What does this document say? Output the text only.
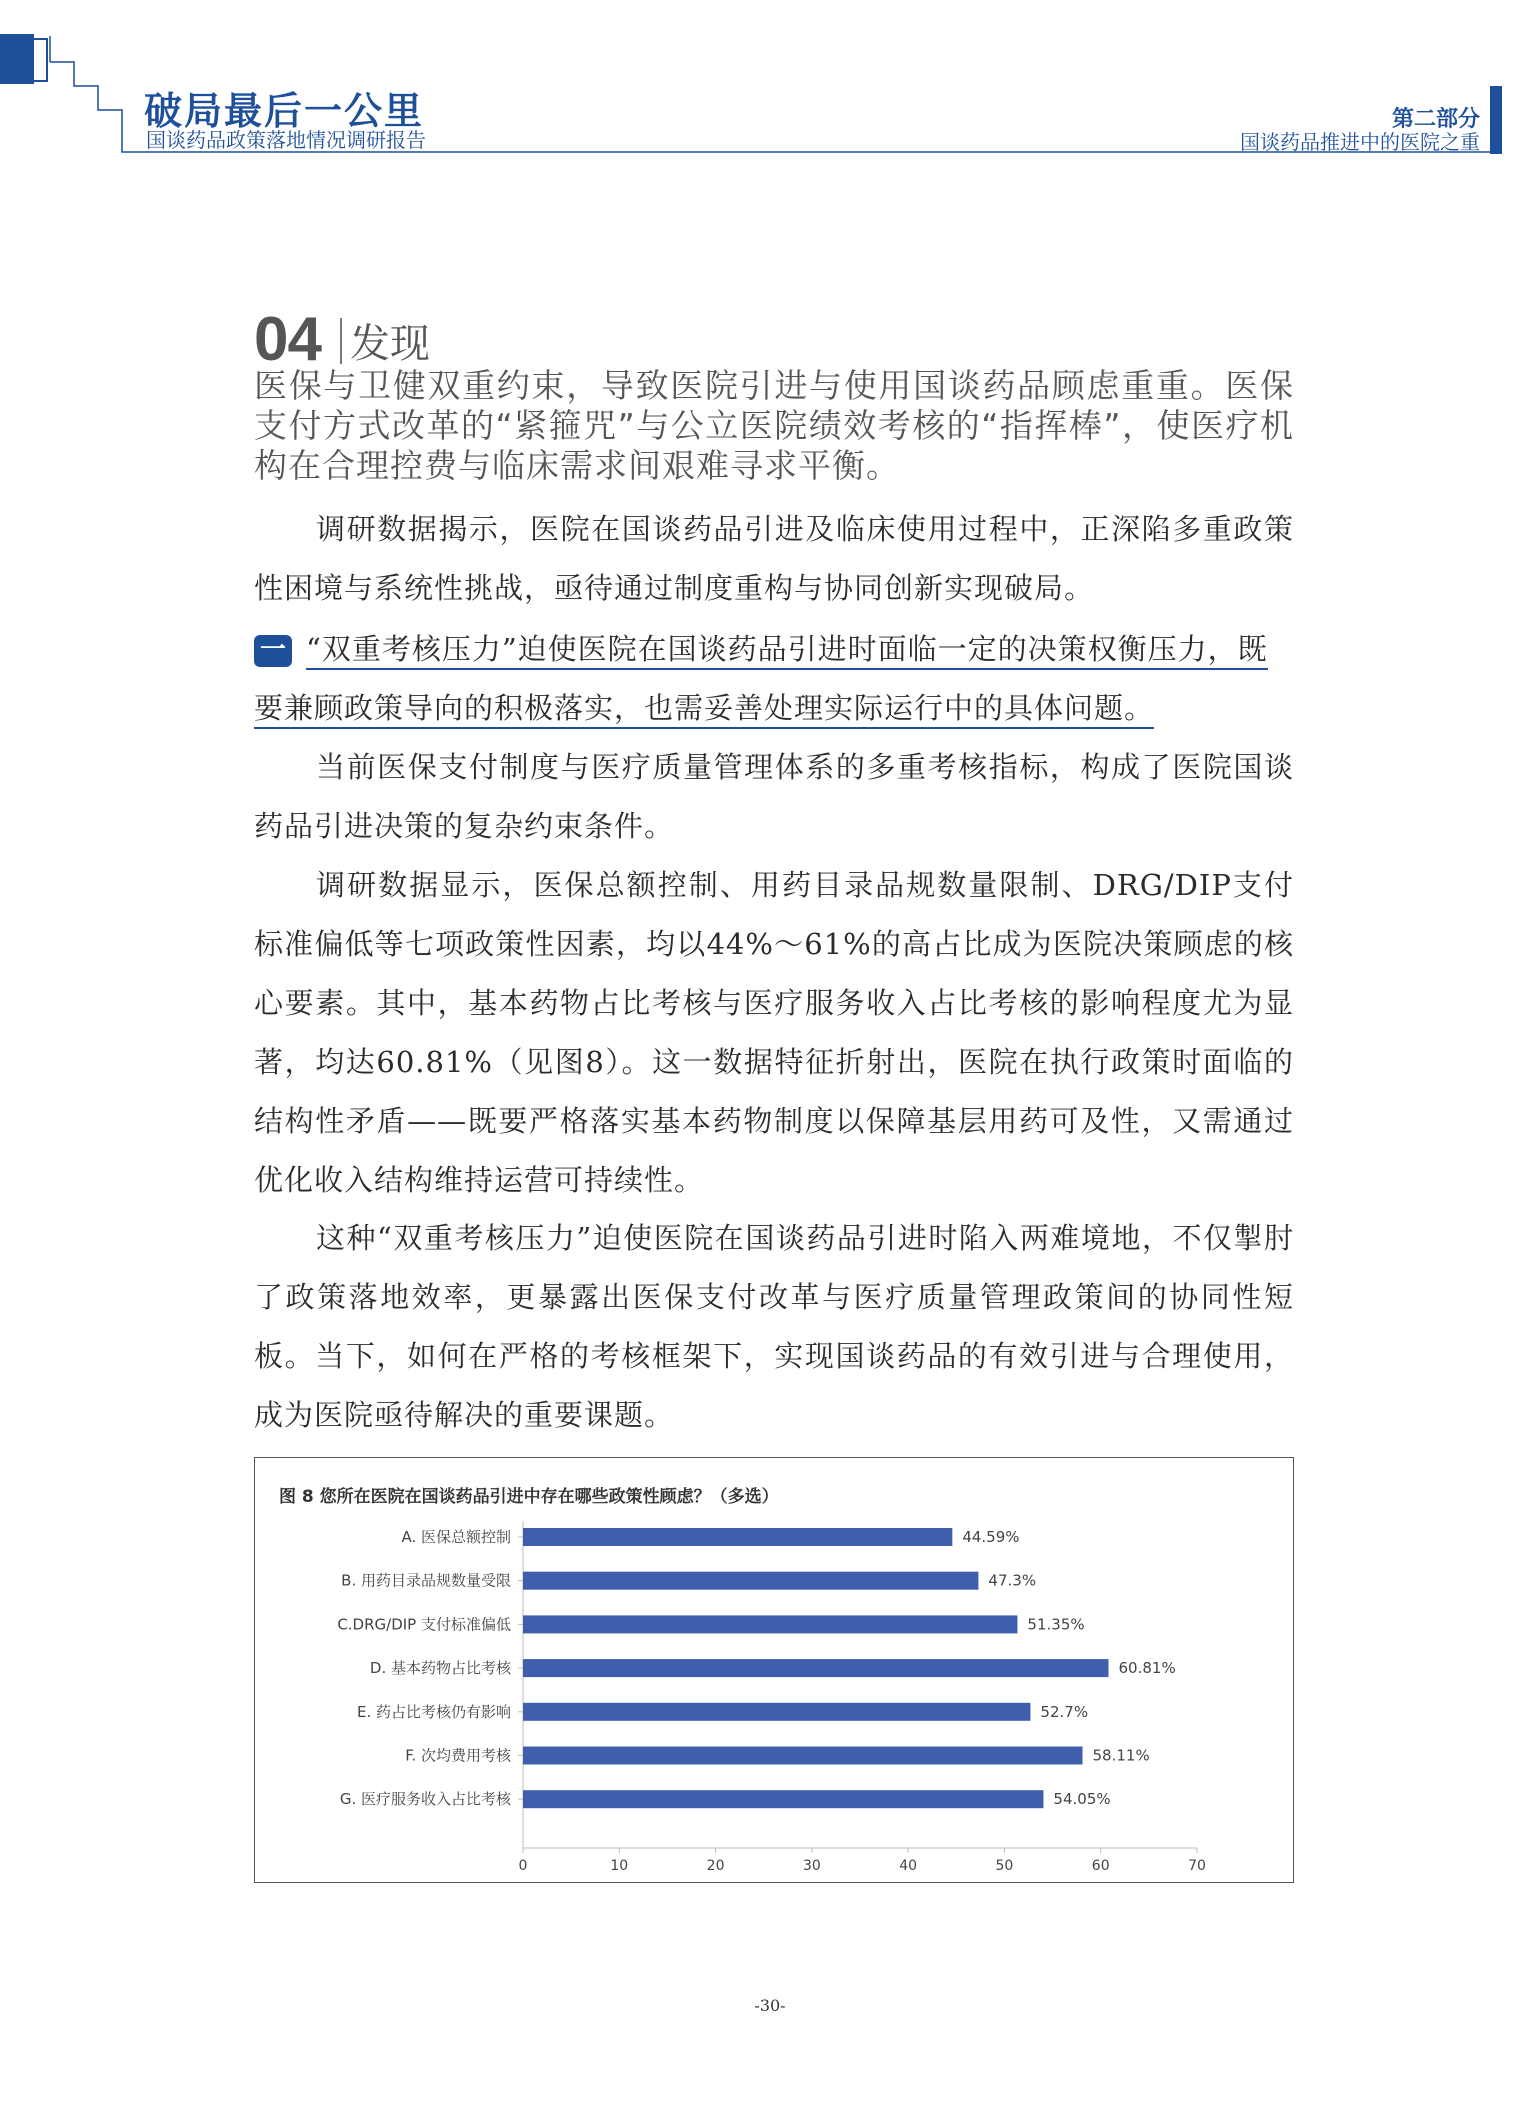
破局最后一公里
国谈药品政策落地情况调研报告
第二部分
国谈药品推进中的医院之重
04 发现
医保与卫健双重约束，导致医院引进与使用国谈药品顾虑重重。医保支付方式改革的“紧箍咒”与公立医院绩效考核的“指挥棒”，使医疗机构在合理控费与临床需求间艰难寻求平衡。
调研数据揭示，医院在国谈药品引进及临床使用过程中，正深陷多重政策性困境与系统性挑战，亟待通过制度重构与协同创新实现破局。
一 “双重考核压力”迫使医院在国谈药品引进时面临一定的决策权衡压力，既要兼顾政策导向的积极落实，也需妥善处理实际运行中的具体问题。
当前医保支付制度与医疗质量管理体系的多重考核指标，构成了医院国谈药品引进决策的复杂约束条件。
调研数据显示，医保总额控制、用药目录品规数量限制、DRG/DIP支付标准偏低等七项政策性因素，均以44%～61%的高占比成为医院决策顾虑的核心要素。其中，基本药物占比考核与医疗服务收入占比考核的影响程度尤为显著，均达60.81%（见图8）。这一数据特征折射出，医院在执行政策时面临的结构性矛盾——既要严格落实基本药物制度以保障基层用药可及性，又需通过优化收入结构维持运营可持续性。
这种“双重考核压力”迫使医院在国谈药品引进时陷入两难境地，不仅掣肘了政策落地效率，更暴露出医保支付改革与医疗质量管理政策间的协同性短板。当下，如何在严格的考核框架下，实现国谈药品的有效引进与合理使用，成为医院亟待解决的重要课题。
图 8 您所在医院在国谈药品引进中存在哪些政策性顾虑？（多选）
A. 医保总额控制	44.59%
B. 用药目录品规数量受限	47.3%
C.DRG/DIP 支付标准偏低	51.35%
D. 基本药物占比考核	60.81%
E. 药占比考核仍有影响	52.7%
F. 次均费用考核	58.11%
G. 医疗服务收入占比考核	54.05%
0	10	20	30	40	50	60	70
-30-
